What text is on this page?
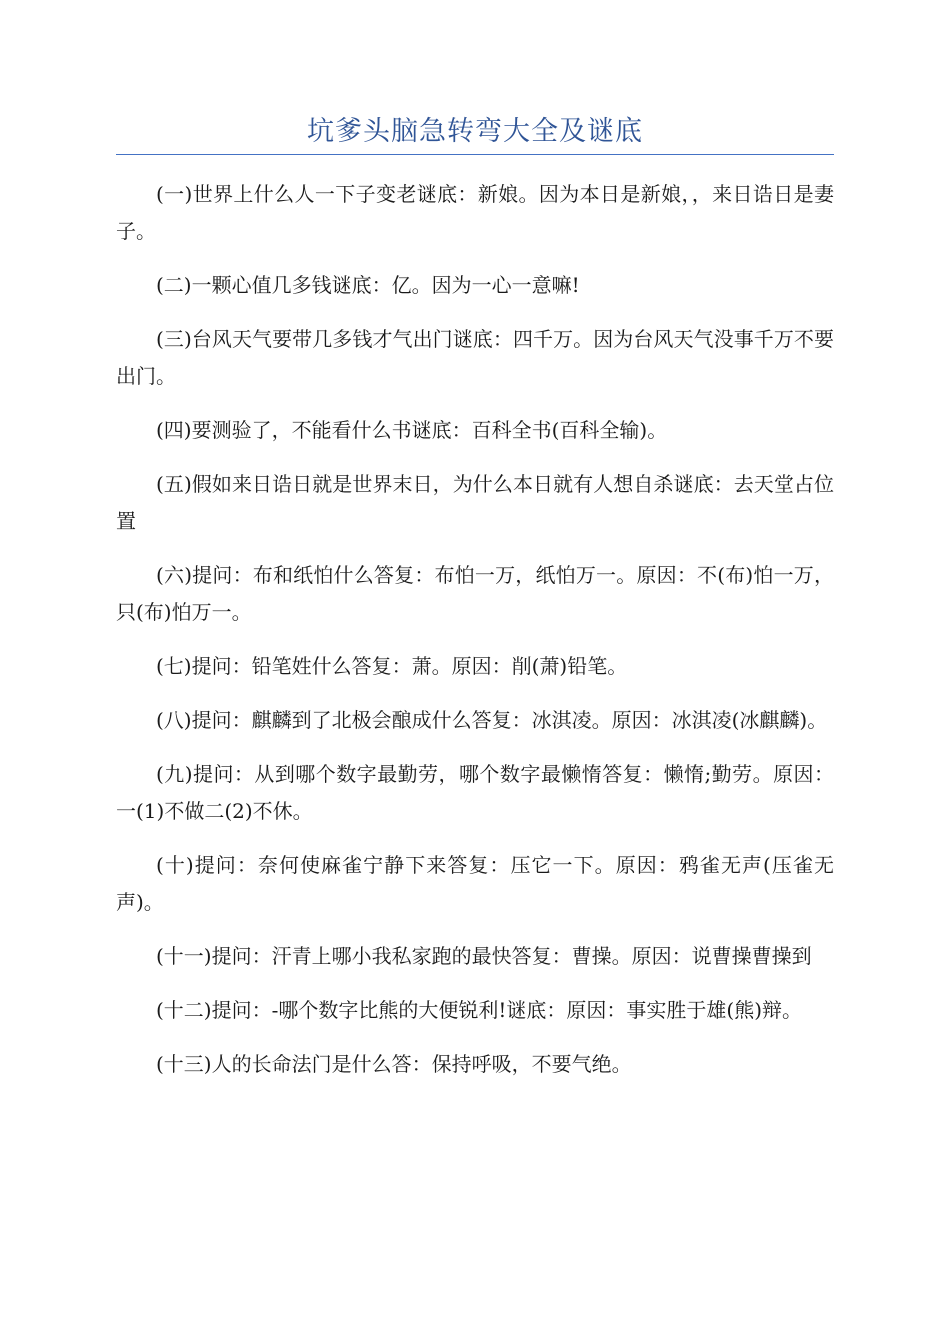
坑爹头脑急转弯大全及谜底

(一)世界上什么人一下子变老谜底：新娘。因为本日是新娘，，来日诰日是妻子。

(二)一颗心值几多钱谜底：亿。因为一心一意嘛!

(三)台风天气要带几多钱才气出门谜底：四千万。因为台风天气没事千万不要出门。

(四)要测验了，不能看什么书谜底：百科全书(百科全输)。

(五)假如来日诰日就是世界末日，为什么本日就有人想自杀谜底：去天堂占位置

(六)提问：布和纸怕什么答复：布怕一万，纸怕万一。原因：不(布)怕一万，只(布)怕万一。

(七)提问：铅笔姓什么答复：萧。原因：削(萧)铅笔。

(八)提问：麒麟到了北极会酿成什么答复：冰淇凌。原因：冰淇凌(冰麒麟)。

(九)提问：从到哪个数字最勤劳，哪个数字最懒惰答复：懒惰;勤劳。原因：一(1)不做二(2)不休。

(十)提问：奈何使麻雀宁静下来答复：压它一下。原因：鸦雀无声(压雀无声)。

(十一)提问：汗青上哪小我私家跑的最快答复：曹操。原因：说曹操曹操到

(十二)提问：-哪个数字比熊的大便锐利!谜底：原因：事实胜于雄(熊)辩。

(十三)人的长命法门是什么答：保持呼吸，不要气绝。
